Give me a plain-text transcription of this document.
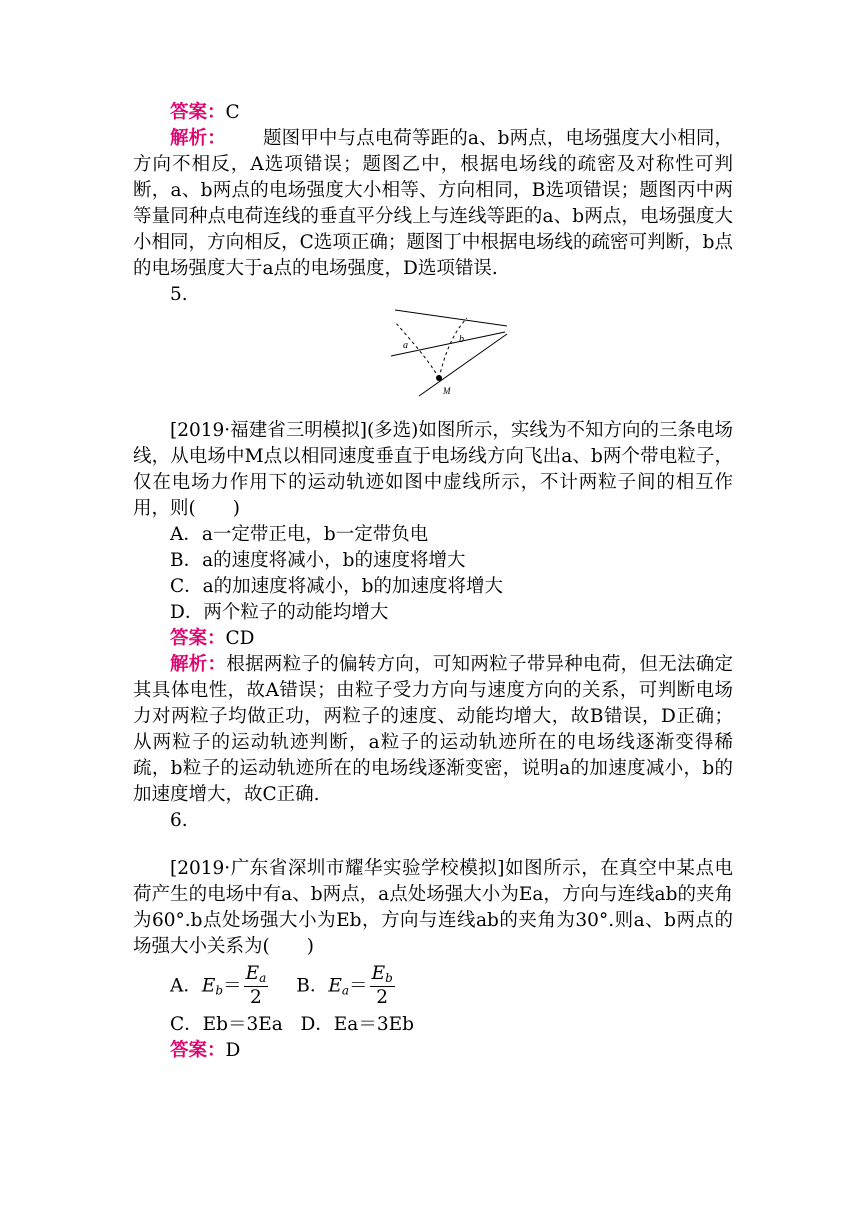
答案：C

解析：   题图甲中与点电荷等距的a、b两点，电场强度大小相同，方向不相反，A选项错误；题图乙中，根据电场线的疏密及对称性可判断，a、b两点的电场强度大小相等、方向相同，B选项错误；题图丙中两等量同种点电荷连线的垂直平分线上与连线等距的a、b两点，电场强度大小相同，方向相反，C选项正确；题图丁中根据电场线的疏密可判断，b点的电场强度大于a点的电场强度，D选项错误.

5.

a
b
M

[2019·福建省三明模拟](多选)如图所示，实线为不知方向的三条电场线，从电场中M点以相同速度垂直于电场线方向飞出a、b两个带电粒子，仅在电场力作用下的运动轨迹如图中虚线所示，不计两粒子间的相互作用，则(　　)

A．a一定带正电，b一定带负电

B．a的速度将减小，b的速度将增大

C．a的加速度将减小，b的加速度将增大

D．两个粒子的动能均增大

答案：CD

解析：根据两粒子的偏转方向，可知两粒子带异种电荷，但无法确定其具体电性，故A错误；由粒子受力方向与速度方向的关系，可判断电场力对两粒子均做正功，两粒子的速度、动能均增大，故B错误，D正确；从两粒子的运动轨迹判断，a粒子的运动轨迹所在的电场线逐渐变得稀疏，b粒子的运动轨迹所在的电场线逐渐变密，说明a的加速度减小，b的加速度增大，故C正确.

6.

[2019·广东省深圳市耀华实验学校模拟]如图所示，在真空中某点电荷产生的电场中有a、b两点，a点处场强大小为Ea，方向与连线ab的夹角为60°.b点处场强大小为Eb，方向与连线ab的夹角为30°.则a、b两点的场强大小关系为(　　)

A．$E_b= \frac{E_a}{2}$ B．$E_a= \frac{E_b}{2}$

C．Eb＝3Ea D．Ea＝3Eb

答案：D
